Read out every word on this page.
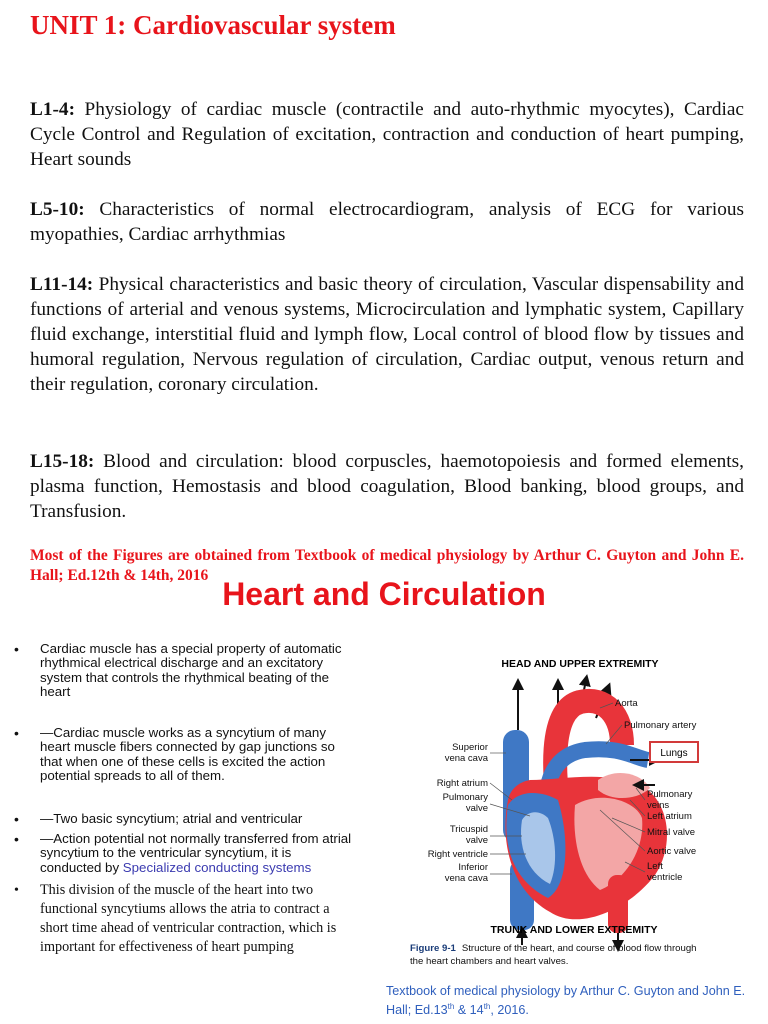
UNIT 1: Cardiovascular system

L1-4: Physiology of cardiac muscle (contractile and auto-rhythmic myocytes), Cardiac Cycle Control and Regulation of excitation, contraction and conduction of heart pumping, Heart sounds

L5-10: Characteristics of normal electrocardiogram, analysis of ECG for various myopathies, Cardiac arrhythmias

L11-14: Physical characteristics and basic theory of circulation, Vascular dispensability and functions of arterial and venous systems, Microcirculation and lymphatic system, Capillary fluid exchange, interstitial fluid and lymph flow, Local control of blood flow by tissues and humoral regulation, Nervous regulation of circulation, Cardiac output, venous return and their regulation, coronary circulation.

L15-18: Blood and circulation: blood corpuscles, haemotopoiesis and formed elements, plasma function, Hemostasis and blood coagulation, Blood banking, blood groups, and Transfusion.

Most of the Figures are obtained from Textbook of medical physiology by Arthur C. Guyton and John E. Hall; Ed.12th & 14th, 2016

Heart and Circulation
• Cardiac muscle has a special property of automatic rhythmical electrical discharge and an excitatory system that controls the rhythmical beating of the heart
• —Cardiac muscle works as a syncytium of many heart muscle fibers connected by gap junctions so that when one of these cells is excited the action potential spreads to all of them.
• —Two basic syncytium; atrial and ventricular
• —Action potential not normally transferred from atrial syncytium to the ventricular syncytium, it is conducted by Specialized conducting systems
• This division of the muscle of the heart into two functional syncytiums allows the atria to contract a short time ahead of ventricular contraction, which is important for effectiveness of heart pumping
HEAD AND UPPER EXTREMITY
Lungs
Superior
vena cava
Right atrium
Pulmonary
valve
Tricuspid
valve
Right ventricle
Inferior
vena cava
Aorta
Pulmonary artery
Pulmonary
veins
Left atrium
Mitral valve
Aortic valve
Left
ventricle
TRUNK AND LOWER EXTREMITY
Figure 9-1 Structure of the heart, and course of blood flow through
the heart chambers and heart valves.

Textbook of medical physiology by Arthur C. Guyton and John E.
Hall; Ed.13th & 14th, 2016.
